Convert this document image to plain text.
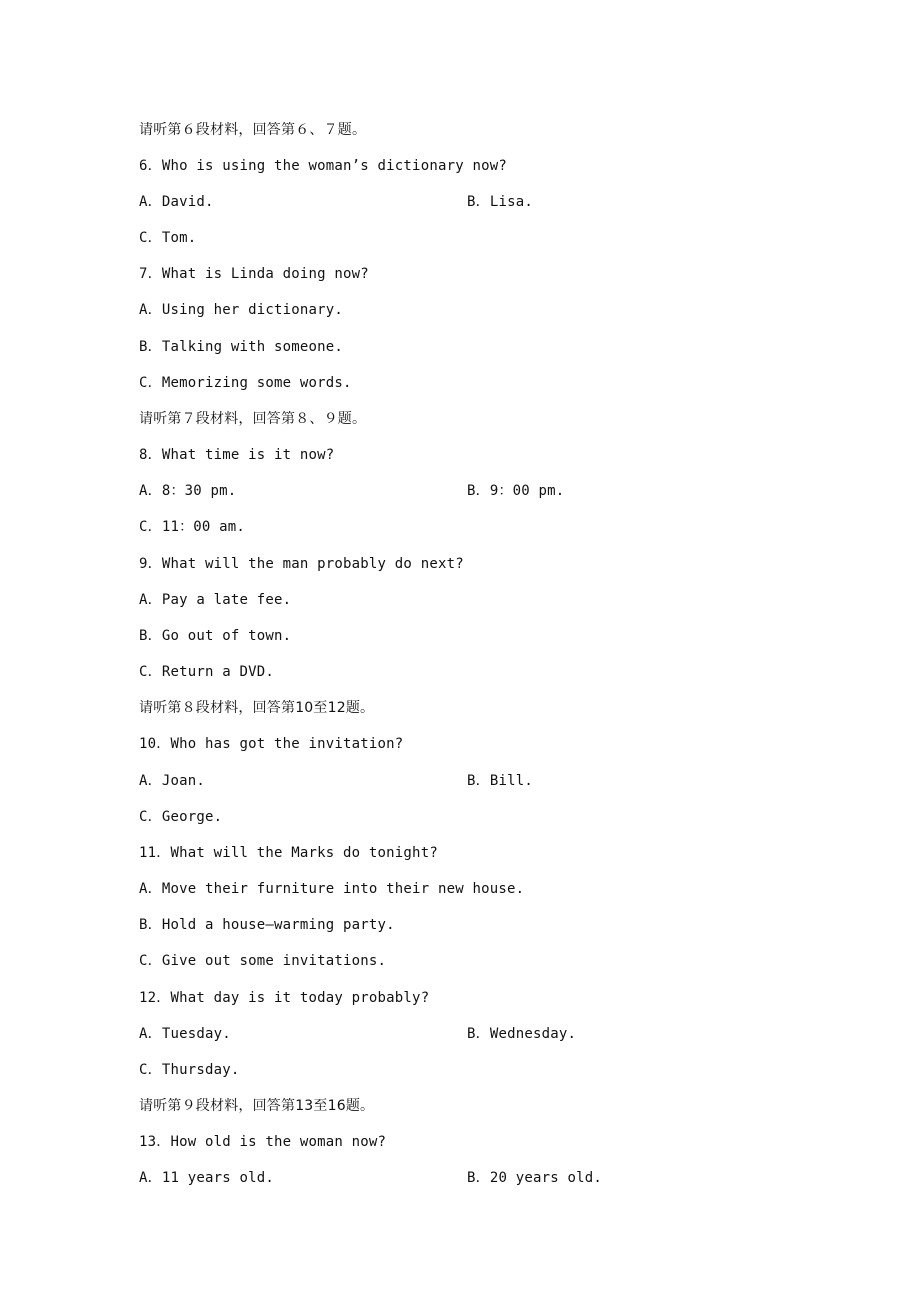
请听第６段材料，回答第６、７题。
6．Who is using the woman’s dictionary now?
A．David.	B．Lisa.
C．Tom.
7．What is Linda doing now?
A．Using her dictionary.
B．Talking with someone.
C．Memorizing some words.
请听第７段材料，回答第８、９题。
8．What time is it now?
A．8：30 pm.	B．9：00 pm.
C．11：00 am.
9．What will the man probably do next?
A．Pay a late fee.
B．Go out of town.
C．Return a DVD.
请听第８段材料，回答第10至12题。
10．Who has got the invitation?
A．Joan.	B．Bill.
C．George.
11．What will the Marks do tonight?
A．Move their furniture into their new house.
B．Hold a house—warming party.
C．Give out some invitations.
12．What day is it today probably?
A．Tuesday.	B．Wednesday.
C．Thursday.
请听第９段材料，回答第13至16题。
13．How old is the woman now?
A．11 years old.	B．20 years old.
